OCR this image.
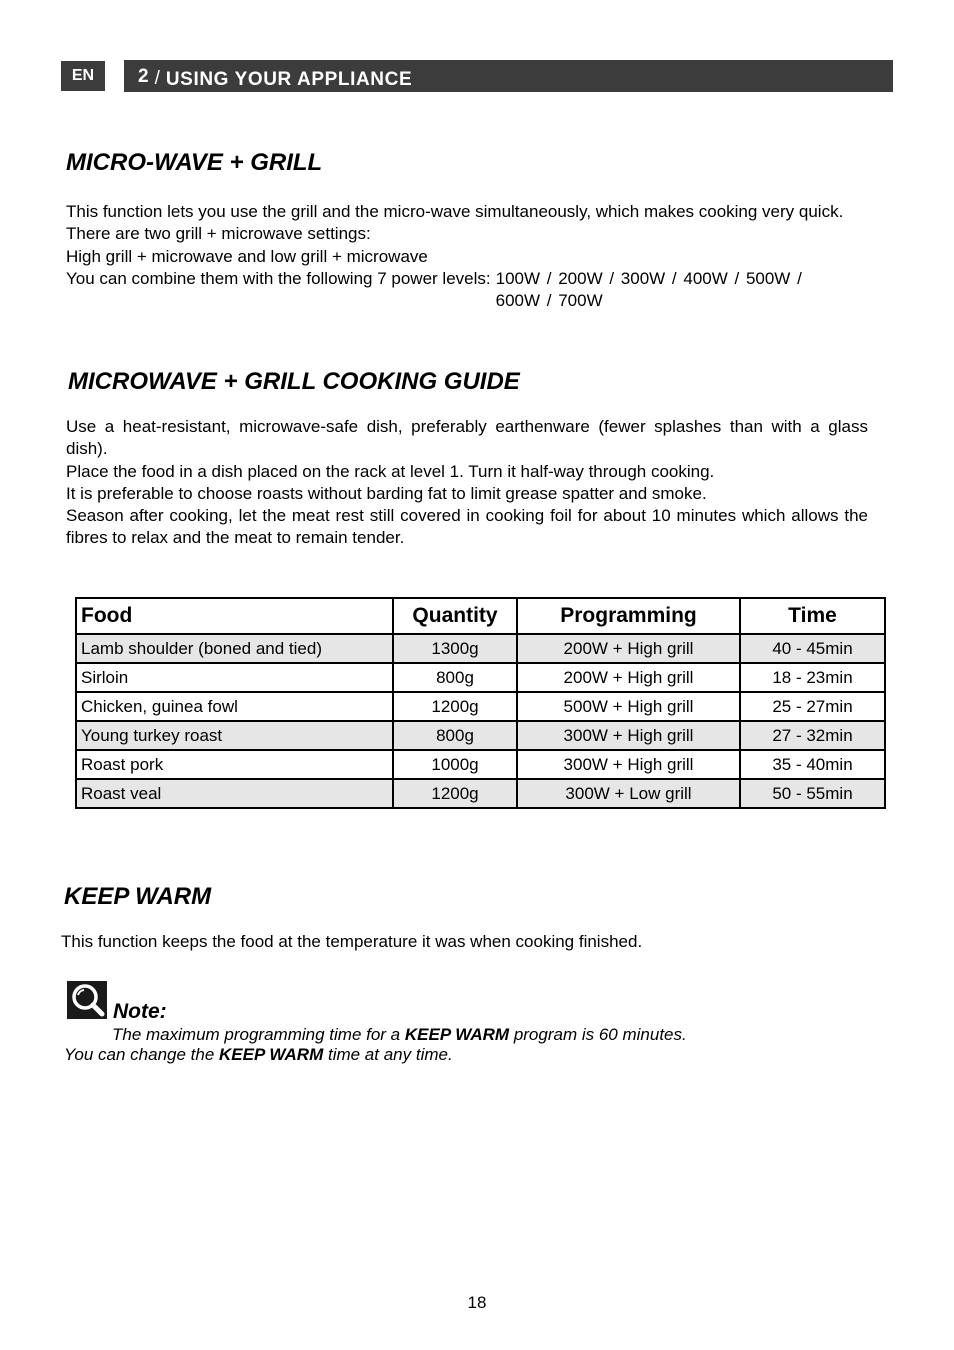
EN	2 / USING YOUR APPLIANCE
MICRO-WAVE + GRILL

This function lets you use the grill and the micro-wave simultaneously, which makes cooking very quick.

There are two grill + microwave settings:

High grill + microwave and low grill + microwave

You can combine them with the following 7 power levels: 100W / 200W / 300W / 400W / 500W / 600W / 700W
MICROWAVE + GRILL COOKING GUIDE

Use a heat-resistant, microwave-safe dish, preferably earthenware (fewer splashes than with a glass dish).

Place the food in a dish placed on the rack at level 1. Turn it half-way through cooking.

It is preferable to choose roasts without barding fat to limit grease spatter and smoke.

Season after cooking, let the meat rest still covered in cooking foil for about 10 minutes which allows the fibres to relax and the meat to remain tender.

Food	Quantity	Programming	Time
Lamb shoulder (boned and tied)	1300g	200W + High grill	40 - 45min
Sirloin	800g	200W + High grill	18 - 23min
Chicken, guinea fowl	1200g	500W + High grill	25 - 27min
Young turkey roast	800g	300W + High grill	27 - 32min
Roast pork	1000g	300W + High grill	35 - 40min
Roast veal	1200g	300W + Low grill	50 - 55min
KEEP WARM

This function keeps the food at the temperature it was when cooking finished.

Note:
The maximum programming time for a KEEP WARM program is 60 minutes.
You can change the KEEP WARM time at any time.
18
